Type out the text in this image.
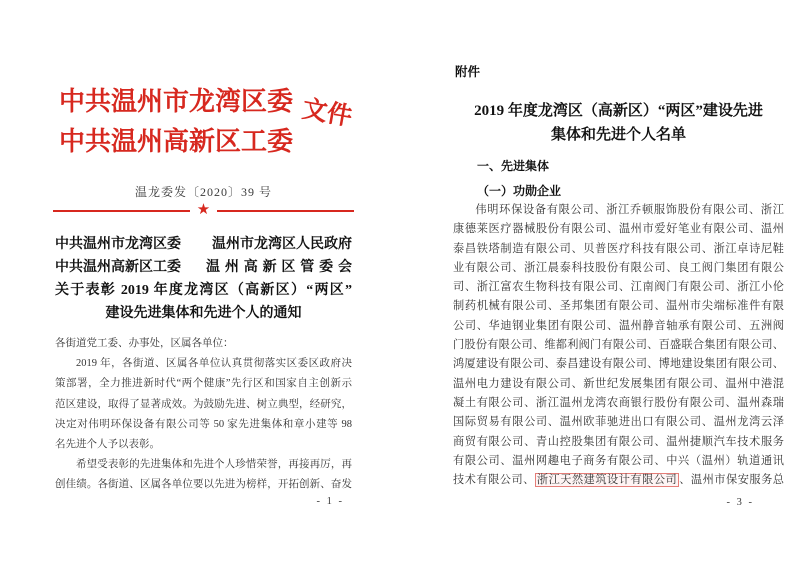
中共温州市龙湾区委
中共温州高新区工委
文件
温龙委发〔2020〕39 号
★
中共温州市龙湾区委 温州市龙湾区人民政府
中共温州高新区工委 温州高新区管委会
关于表彰 2019 年度龙湾区（高新区）“两区”
建设先进集体和先进个人的通知
各街道党工委、办事处，区属各单位：
2019 年，各街道、区属各单位认真贯彻落实区委区政府决
策部署，全力推进新时代“两个健康”先行区和国家自主创新示
范区建设，取得了显著成效。为鼓励先进、树立典型，经研究，
决定对伟明环保设备有限公司等 50 家先进集体和章小建等 98
名先进个人予以表彰。
希望受表彰的先进集体和先进个人珍惜荣誉，再接再厉，再
创佳绩。各街道、区属各单位要以先进为榜样，开拓创新、奋发
- 1 -
附件
2019 年度龙湾区（高新区）“两区”建设先进
集体和先进个人名单
一、先进集体
（一）功勋企业
伟明环保设备有限公司、浙江乔顿服饰股份有限公司、浙江
康德莱医疗器械股份有限公司、温州市爱好笔业有限公司、温州
泰昌铁塔制造有限公司、贝普医疗科技有限公司、浙江卓诗尼鞋
业有限公司、浙江晨泰科技股份有限公司、良工阀门集团有限公
司、浙江富农生物科技有限公司、江南阀门有限公司、浙江小伦
制药机械有限公司、圣邦集团有限公司、温州市尖端标准件有限
公司、华迪钢业集团有限公司、温州静音轴承有限公司、五洲阀
门股份有限公司、维都利阀门有限公司、百盛联合集团有限公司、
鸿厦建设有限公司、泰昌建设有限公司、博地建设集团有限公司、
温州电力建设有限公司、新世纪发展集团有限公司、温州中港混
凝土有限公司、浙江温州龙湾农商银行股份有限公司、温州森瑞
国际贸易有限公司、温州欧菲驰进出口有限公司、温州龙湾云泽
商贸有限公司、青山控股集团有限公司、温州捷顺汽车技术服务
有限公司、温州网趣电子商务有限公司、中兴（温州）轨道通讯
技术有限公司、 浙江天然建筑设计有限公司 、温州市保安服务总
- 3 -
